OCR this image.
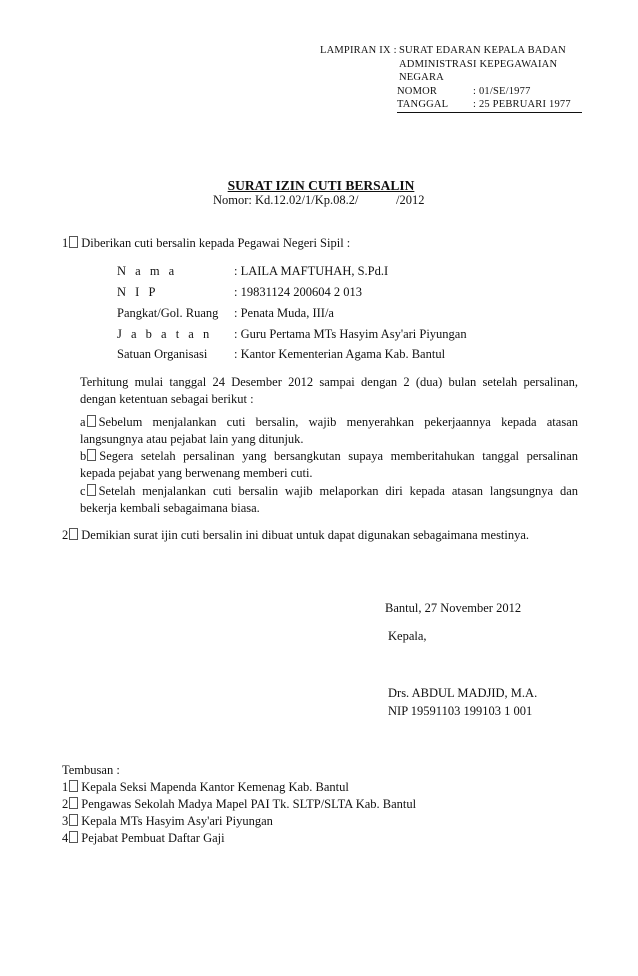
LAMPIRAN IX : SURAT EDARAN KEPALA BADAN
ADMINISTRASI KEPEGAWAIAN
NEGARA
NOMOR	: 01/SE/1977
TANGGAL : 25 PEBRUARI 1977
SURAT IZIN CUTI BERSALIN
Nomor: Kd.12.02/1/Kp.08.2/            /2012
1 Diberikan cuti bersalin kepada Pegawai Negeri Sipil :
N a m a	: LAILA MAFTUHAH, S.Pd.I
N I P	: 19831124 200604 2 013
Pangkat/Gol. Ruang : Penata Muda, III/a
J a b a t a n : Guru Pertama MTs Hasyim Asy'ari Piyungan
Satuan Organisasi : Kantor Kementerian Agama Kab. Bantul
Terhitung mulai tanggal 24 Desember 2012 sampai dengan 2 (dua) bulan setelah persalinan, dengan ketentuan sebagai berikut :
a Sebelum menjalankan cuti bersalin, wajib menyerahkan pekerjaannya kepada atasan langsungnya atau pejabat lain yang ditunjuk.
b Segera setelah persalinan yang bersangkutan supaya memberitahukan tanggal persalinan kepada pejabat yang berwenang memberi cuti.
c Setelah menjalankan cuti bersalin wajib melaporkan diri kepada atasan langsungnya dan bekerja kembali sebagaimana biasa.
2 Demikian surat ijin cuti bersalin ini dibuat untuk dapat digunakan sebagaimana mestinya.
Bantul, 27 November 2012
Kepala,
Drs. ABDUL MADJID, M.A.
NIP 19591103 199103 1 001
Tembusan :
1 Kepala Seksi Mapenda Kantor Kemenag Kab. Bantul
2 Pengawas Sekolah Madya Mapel PAI Tk. SLTP/SLTA Kab. Bantul
3 Kepala MTs Hasyim Asy'ari Piyungan
4 Pejabat Pembuat Daftar Gaji
